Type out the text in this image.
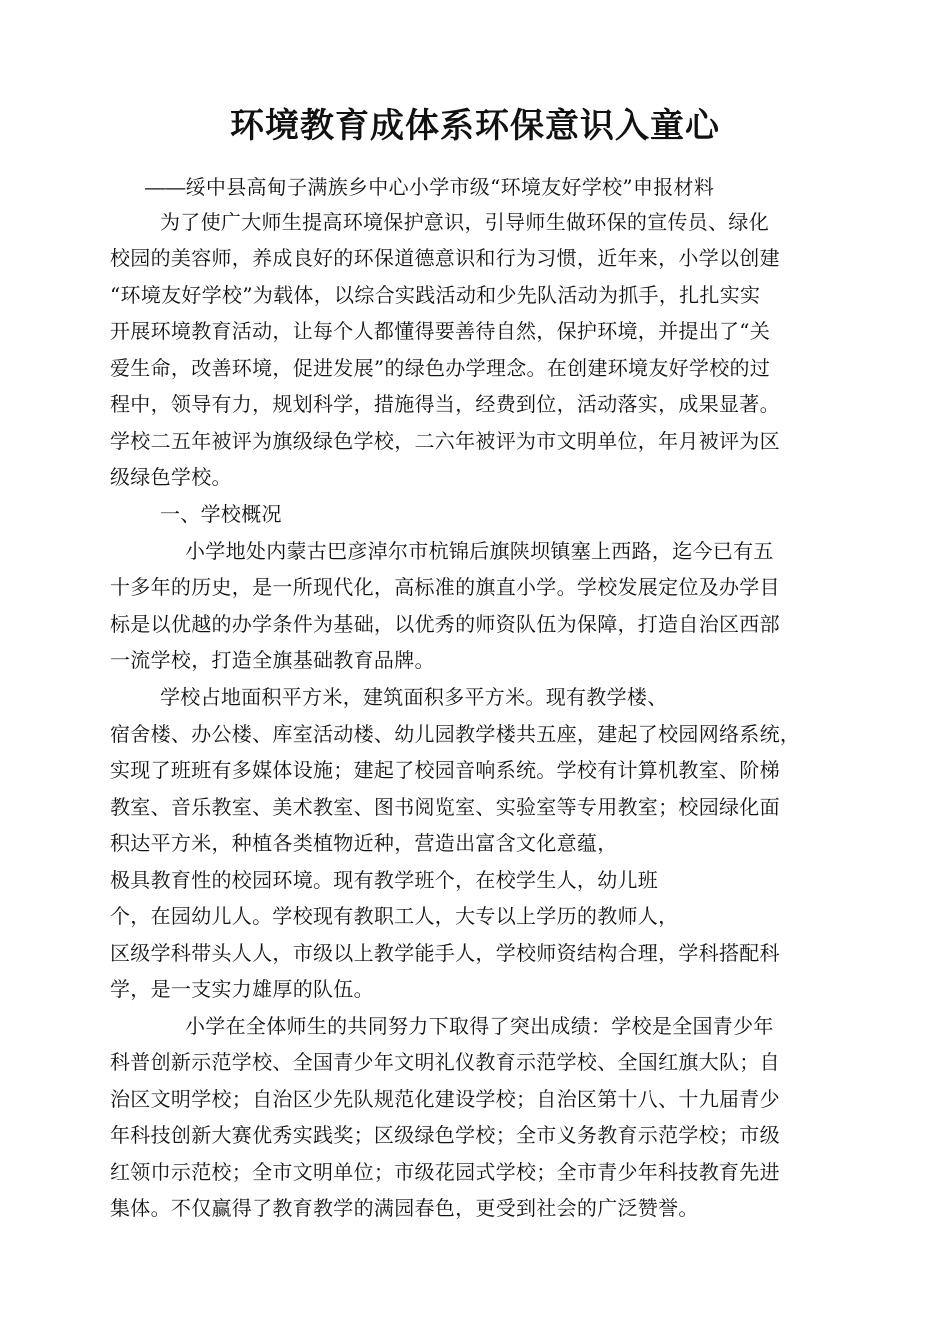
环境教育成体系环保意识入童心
――绥中县高甸子满族乡中心小学市级“环境友好学校”申报材料
为了使广大师生提高环境保护意识，引导师生做环保的宣传员、绿化
校园的美容师，养成良好的环保道德意识和行为习惯，近年来，小学以创建
“环境友好学校”为载体，以综合实践活动和少先队活动为抓手，扎扎实实
开展环境教育活动，让每个人都懂得要善待自然，保护环境，并提出了“关
爱生命，改善环境，促进发展”的绿色办学理念。在创建环境友好学校的过
程中，领导有力，规划科学，措施得当，经费到位，活动落实，成果显著。
学校二五年被评为旗级绿色学校，二六年被评为市文明单位，年月被评为区
级绿色学校。
一、学校概况
小学地处内蒙古巴彦淖尔市杭锦后旗陕坝镇塞上西路，迄今已有五
十多年的历史，是一所现代化，高标准的旗直小学。学校发展定位及办学目
标是以优越的办学条件为基础，以优秀的师资队伍为保障，打造自治区西部
一流学校，打造全旗基础教育品牌。
学校占地面积平方米，建筑面积多平方米。现有教学楼、
宿舍楼、办公楼、库室活动楼、幼儿园教学楼共五座，建起了校园网络系统，
实现了班班有多媒体设施；建起了校园音响系统。学校有计算机教室、阶梯
教室、音乐教室、美术教室、图书阅览室、实验室等专用教室；校园绿化面
积达平方米，种植各类植物近种，营造出富含文化意蕴，
极具教育性的校园环境。现有教学班个，在校学生人，幼儿班
个，在园幼儿人。学校现有教职工人，大专以上学历的教师人，
区级学科带头人人，市级以上教学能手人，学校师资结构合理，学科搭配科
学，是一支实力雄厚的队伍。
小学在全体师生的共同努力下取得了突出成绩：学校是全国青少年
科普创新示范学校、全国青少年文明礼仪教育示范学校、全国红旗大队；自
治区文明学校；自治区少先队规范化建设学校；自治区第十八、十九届青少
年科技创新大赛优秀实践奖；区级绿色学校；全市义务教育示范学校；市级
红领巾示范校；全市文明单位；市级花园式学校；全市青少年科技教育先进
集体。不仅赢得了教育教学的满园春色，更受到社会的广泛赞誉。
